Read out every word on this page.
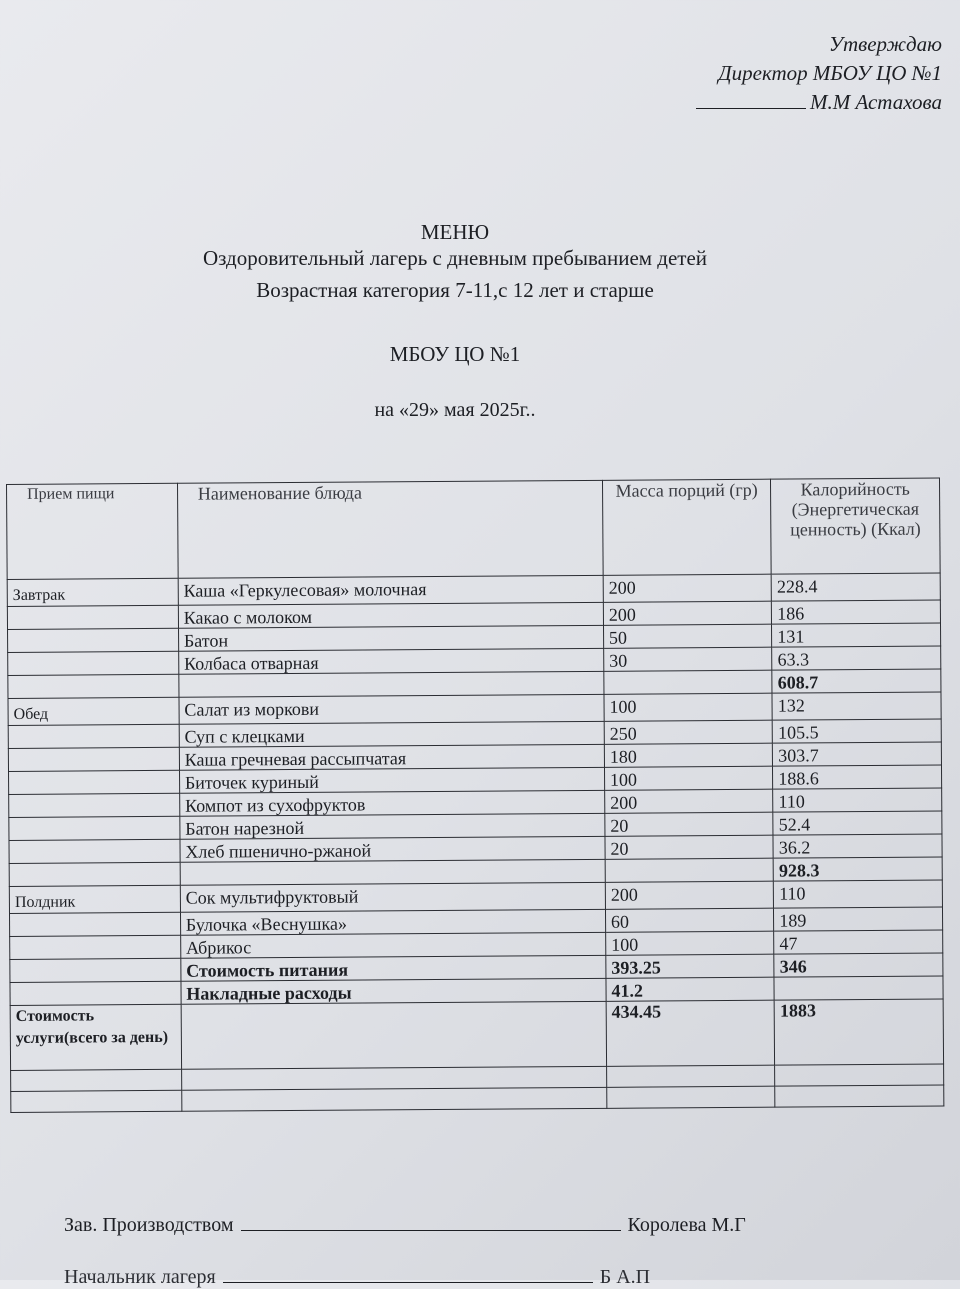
Утверждаю
Директор МБОУ ЦО №1
М.М Астахова
МЕНЮ
Оздоровительный лагерь с дневным пребыванием детей
Возрастная категория 7-11,с 12 лет и старше
МБОУ ЦО №1
на «29» мая 2025г..
Прием пищи	Наименование блюда	Масса порций (гр)	Калорийность (Энергетическая ценность) (Ккал)
Завтрак	Каша «Геркулесовая» молочная	200	228.4
	Какао с молоком	200	186
	Батон	50	131
	Колбаса отварная	30	63.3
			608.7
Обед	Салат из моркови	100	132
	Суп с клецками	250	105.5
	Каша гречневая рассыпчатая	180	303.7
	Биточек куриный	100	188.6
	Компот из сухофруктов	200	110
	Батон нарезной	20	52.4
	Хлеб пшенично-ржаной	20	36.2
			928.3
Полдник	Сок мультифруктовый	200	110
	Булочка «Веснушка»	60	189
	Абрикос	100	47
	Стоимость питания	393.25	346
	Накладные расходы	41.2	
Стоимость услуги(всего за день)		434.45	1883

Зав. Производством	Королева М.Г
Начальник лагеря	Б А.П
